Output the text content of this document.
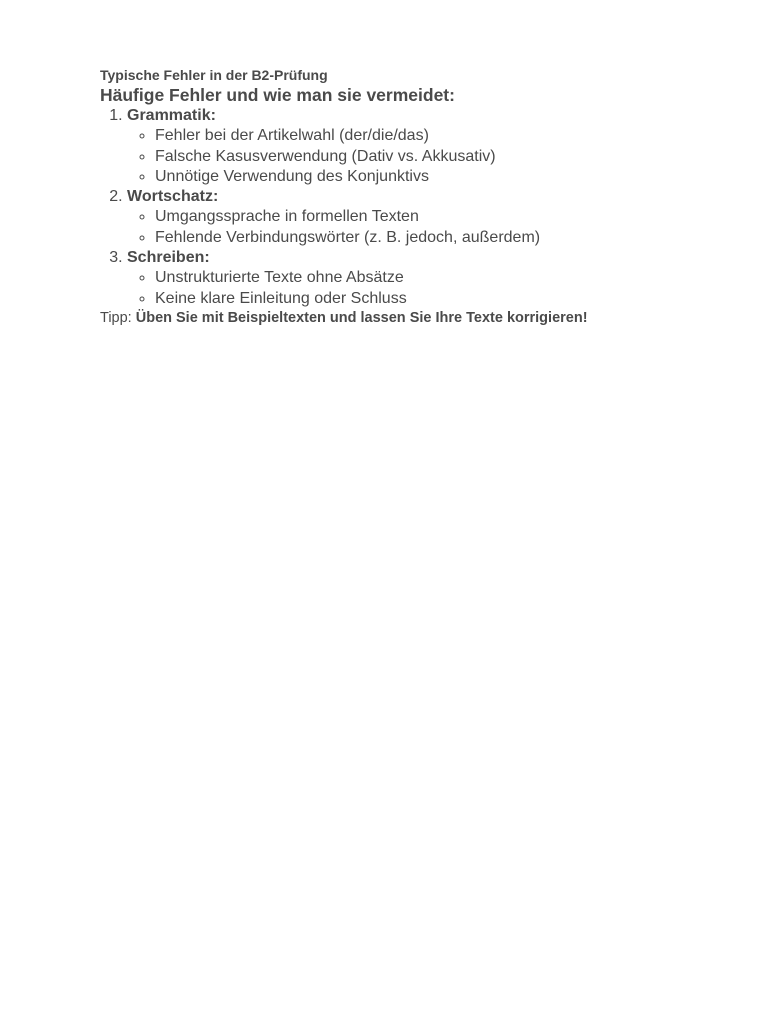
Typische Fehler in der B2-Prüfung

Häufige Fehler und wie man sie vermeidet:

1. Grammatik:
◦ Fehler bei der Artikelwahl (der/die/das)
◦ Falsche Kasusverwendung (Dativ vs. Akkusativ)
◦ Unnötige Verwendung des Konjunktivs
2. Wortschatz:
◦ Umgangssprache in formellen Texten
◦ Fehlende Verbindungswörter (z. B. jedoch, außerdem)
3. Schreiben:
◦ Unstrukturierte Texte ohne Absätze
◦ Keine klare Einleitung oder Schluss

Tipp: Üben Sie mit Beispieltexten und lassen Sie Ihre Texte korrigieren!
